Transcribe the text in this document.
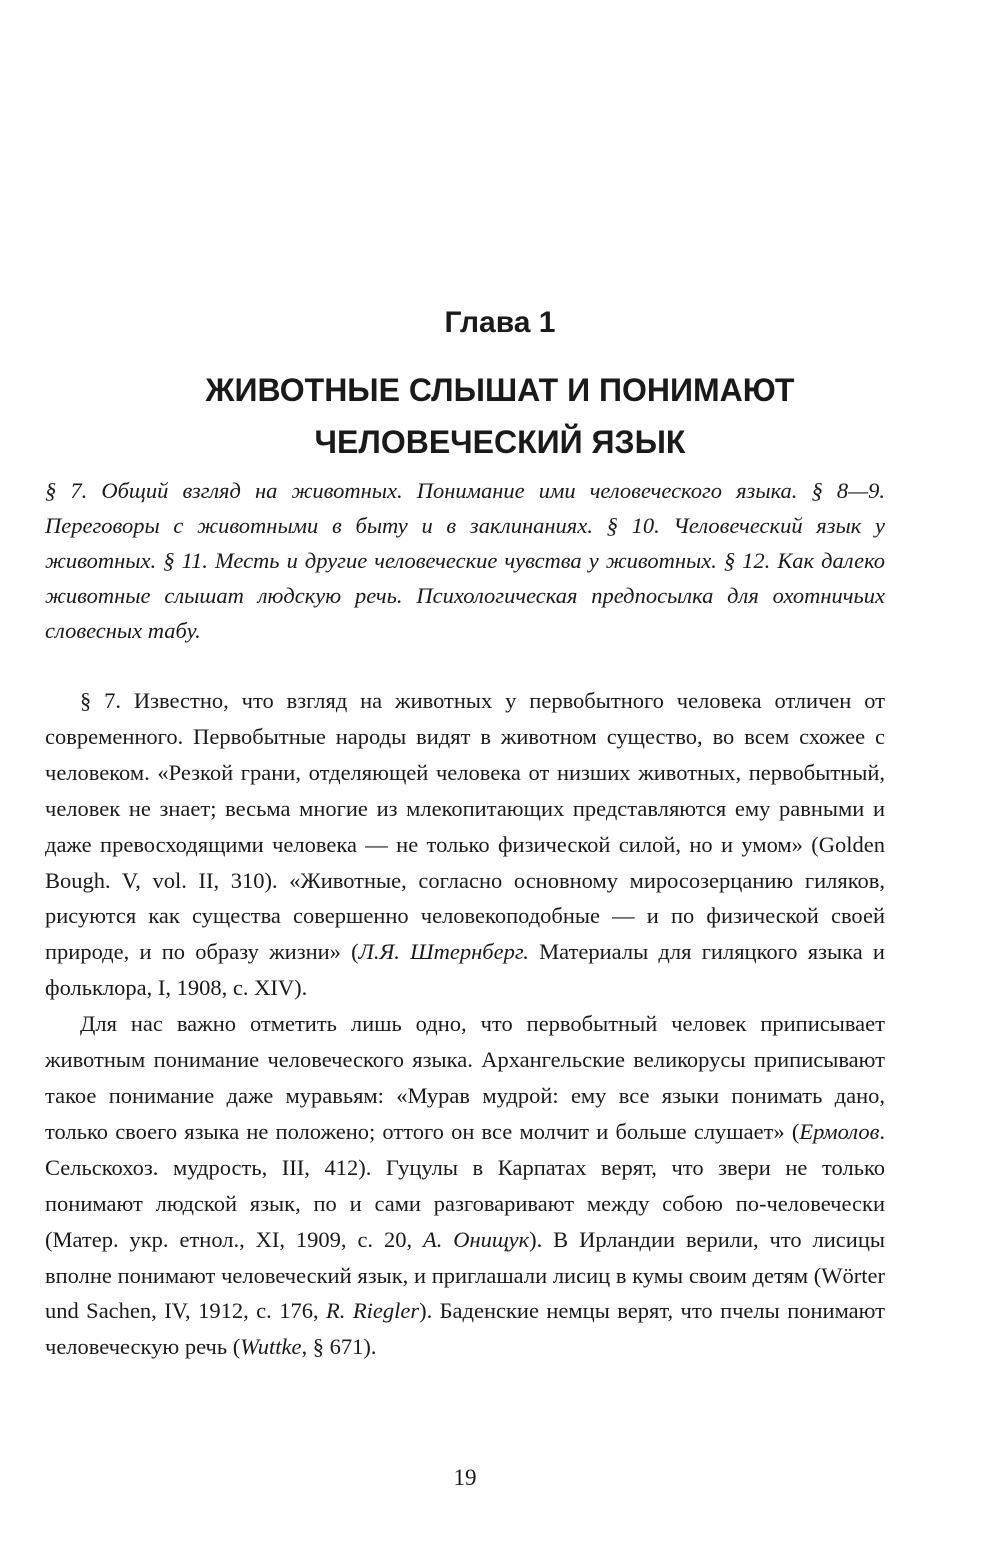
Глава 1
ЖИВОТНЫЕ СЛЫШАТ И ПОНИМАЮТ
ЧЕЛОВЕЧЕСКИЙ ЯЗЫК

§ 7. Общий взгляд на животных. Понимание ими человеческого языка. § 8—9. Переговоры с животными в быту и в заклинаниях. § 10. Человеческий язык у животных. § 11. Месть и другие человеческие чувства у животных. § 12. Как далеко животные слышат людскую речь. Психологическая предпосылка для охотничьих словесных табу.

§ 7. Известно, что взгляд на животных у первобытного человека отличен от современного. Первобытные народы видят в животном существо, во всем схожее с человеком. «Резкой грани, отделяющей человека от низших животных, первобытный, человек не знает; весьма многие из млекопитающих представляются ему равными и даже превосходящими человека — не только физической силой, но и умом» (Golden Bough. V, vol. II, 310). «Животные, согласно основному миросозерцанию гиляков, рисуются как существа совершенно человекоподобные — и по физической своей природе, и по образу жизни» (Л.Я. Штернберг. Материалы для гиляцкого языка и фольклора, I, 1908, с. XIV).

Для нас важно отметить лишь одно, что первобытный человек приписывает животным понимание человеческого языка. Архангельские великорусы приписывают такое понимание даже муравьям: «Мурав мудрой: ему все языки понимать дано, только своего языка не положено; оттого он все молчит и больше слушает» (Ермолов. Сельскохоз. мудрость, III, 412). Гуцулы в Карпатах верят, что звери не только понимают людской язык, по и сами разговаривают между собою по-человечески (Матер. укр. етнол., XI, 1909, с. 20, А. Онищук). В Ирландии верили, что лисицы вполне понимают человеческий язык, и приглашали лисиц в кумы своим детям (Wörter und Sachen, IV, 1912, с. 176, R. Riegler). Баденские немцы верят, что пчелы понимают человеческую речь (Wuttke, § 671).

19
